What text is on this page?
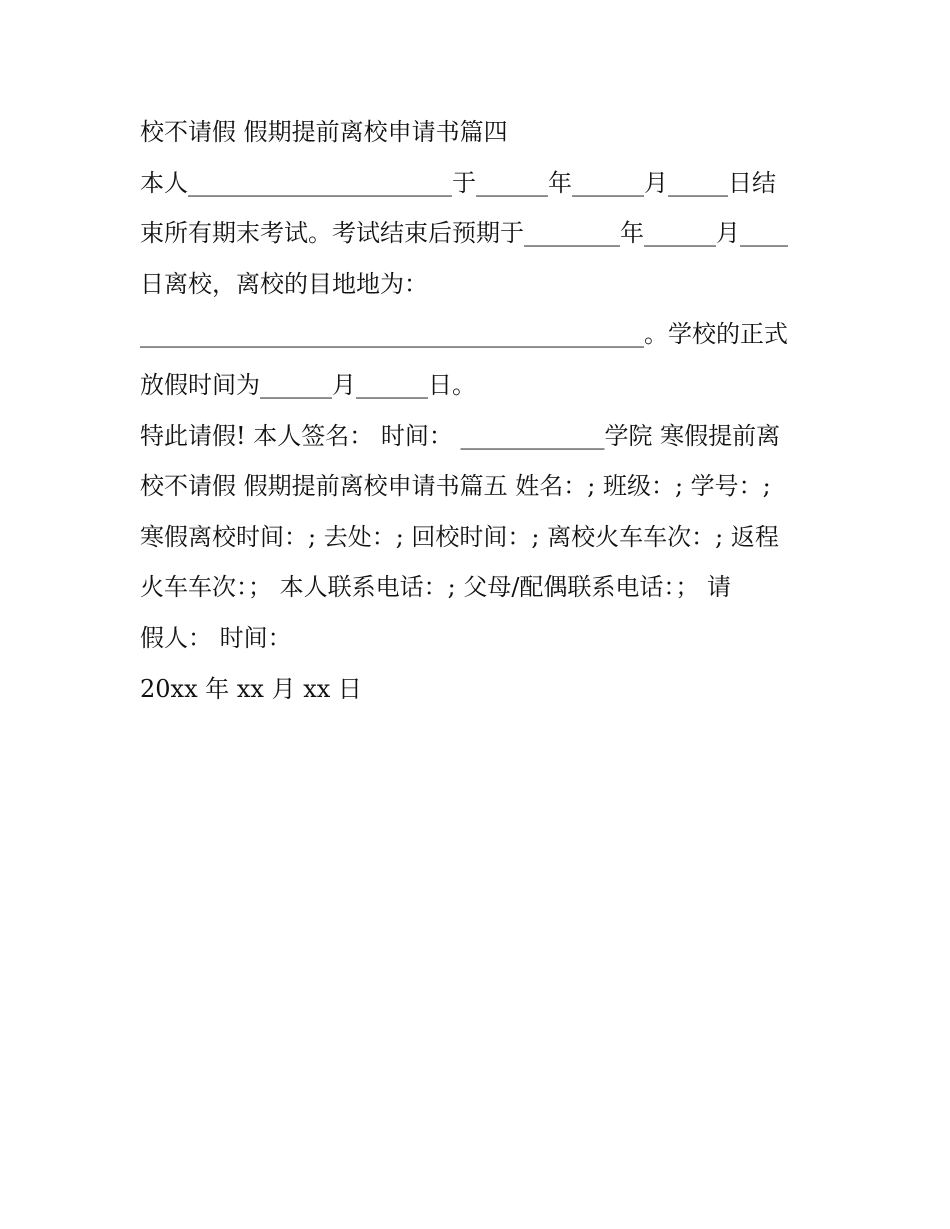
校不请假 假期提前离校申请书篇四
本人______________________于______年______月_____日结
束所有期末考试。考试结束后预期于________年______月____
日离校，离校的目地地为：
__________________________________________。学校的正式
放假时间为______月______日。
特此请假! 本人签名： 时间： ____________学院 寒假提前离
校不请假 假期提前离校申请书篇五 姓名：; 班级：; 学号：;
寒假离校时间：; 去处：; 回校时间：; 离校火车车次：; 返程
火车车次：； 本人联系电话：; 父母/配偶联系电话：； 请
假人： 时间：
20xx 年 xx 月 xx 日
